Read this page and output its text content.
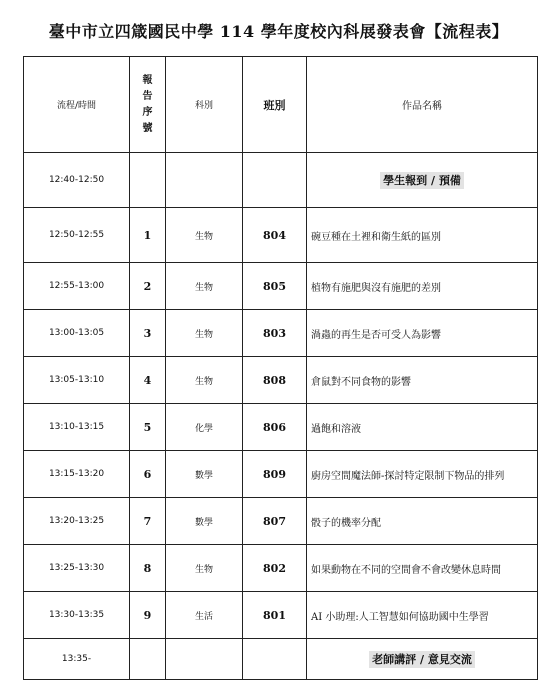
臺中市立四箴國民中學 114 學年度校內科展發表會【流程表】
流程/時間	報告序號	科別	班別	作品名稱
12:40-12:50				學生報到 / 預備
12:50-12:55	1	生物	804	碗豆種在土裡和衛生紙的區別
12:55-13:00	2	生物	805	植物有施肥與沒有施肥的差別
13:00-13:05	3	生物	803	渦蟲的再生是否可受人為影響
13:05-13:10	4	生物	808	倉鼠對不同食物的影響
13:10-13:15	5	化學	806	過飽和溶液
13:15-13:20	6	數學	809	廚房空間魔法師-探討特定限制下物品的排列
13:20-13:25	7	數學	807	骰子的機率分配
13:25-13:30	8	生物	802	如果動物在不同的空間會不會改變休息時間
13:30-13:35	9	生活	801	AI 小助理:人工智慧如何協助國中生學習
13:35-				老師講評 / 意見交流
